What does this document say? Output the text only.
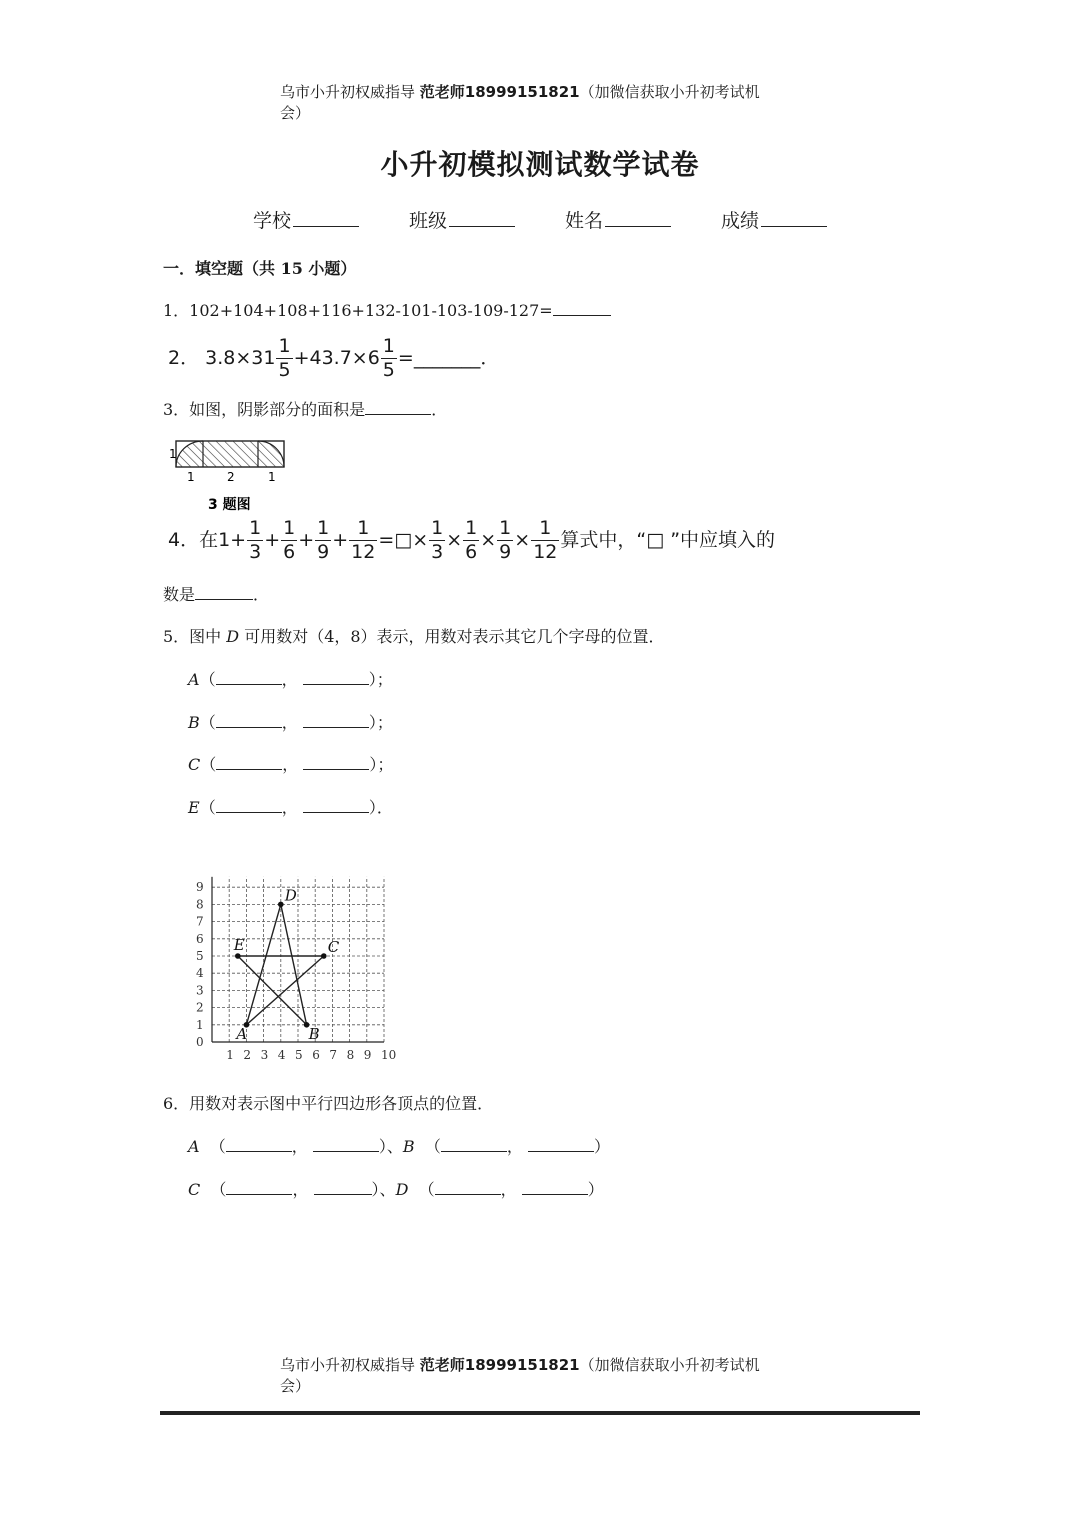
乌市小升初权威指导 范老师18999151821（加微信获取小升初考试机
会）
小升初模拟测试数学试卷
学校	班级	姓名	成绩
一．填空题（共 15 小题）
1．102+104+108+116+132-101-103-109-127=
2． $3.8\times 31 \frac{1}{5} +43.7\times 6 \frac{1}{5}$ =_______．
3．如图，阴影部分的面积是	．
1
1	2	1
3 题图
4．在$1+ \frac{1}{3} + \frac{1}{6} + \frac{1}{9} + \frac{1}{12}$ =□× $\frac{1}{3} \times \frac{1}{6} \times \frac{1}{9} \times \frac{1}{12}$ 算式中，“□ ”中应填入的
数是	．
5．图中 D 可用数对（4，8）表示，用数对表示其它几个字母的位置．
A（	，	）；
B（	，	）；
C（	，	）；
E（	，	）．
1 2 3 4 5 6 7 8 9 10
0
1
2
3
4
5
6
7
8
9	D
E	C
A	B
6．用数对表示图中平行四边形各顶点的位置．
A （	，	）、B （	，	）
C （	，	）、D （	，	）
乌市小升初权威指导 范老师18999151821（加微信获取小升初考试机
会）
